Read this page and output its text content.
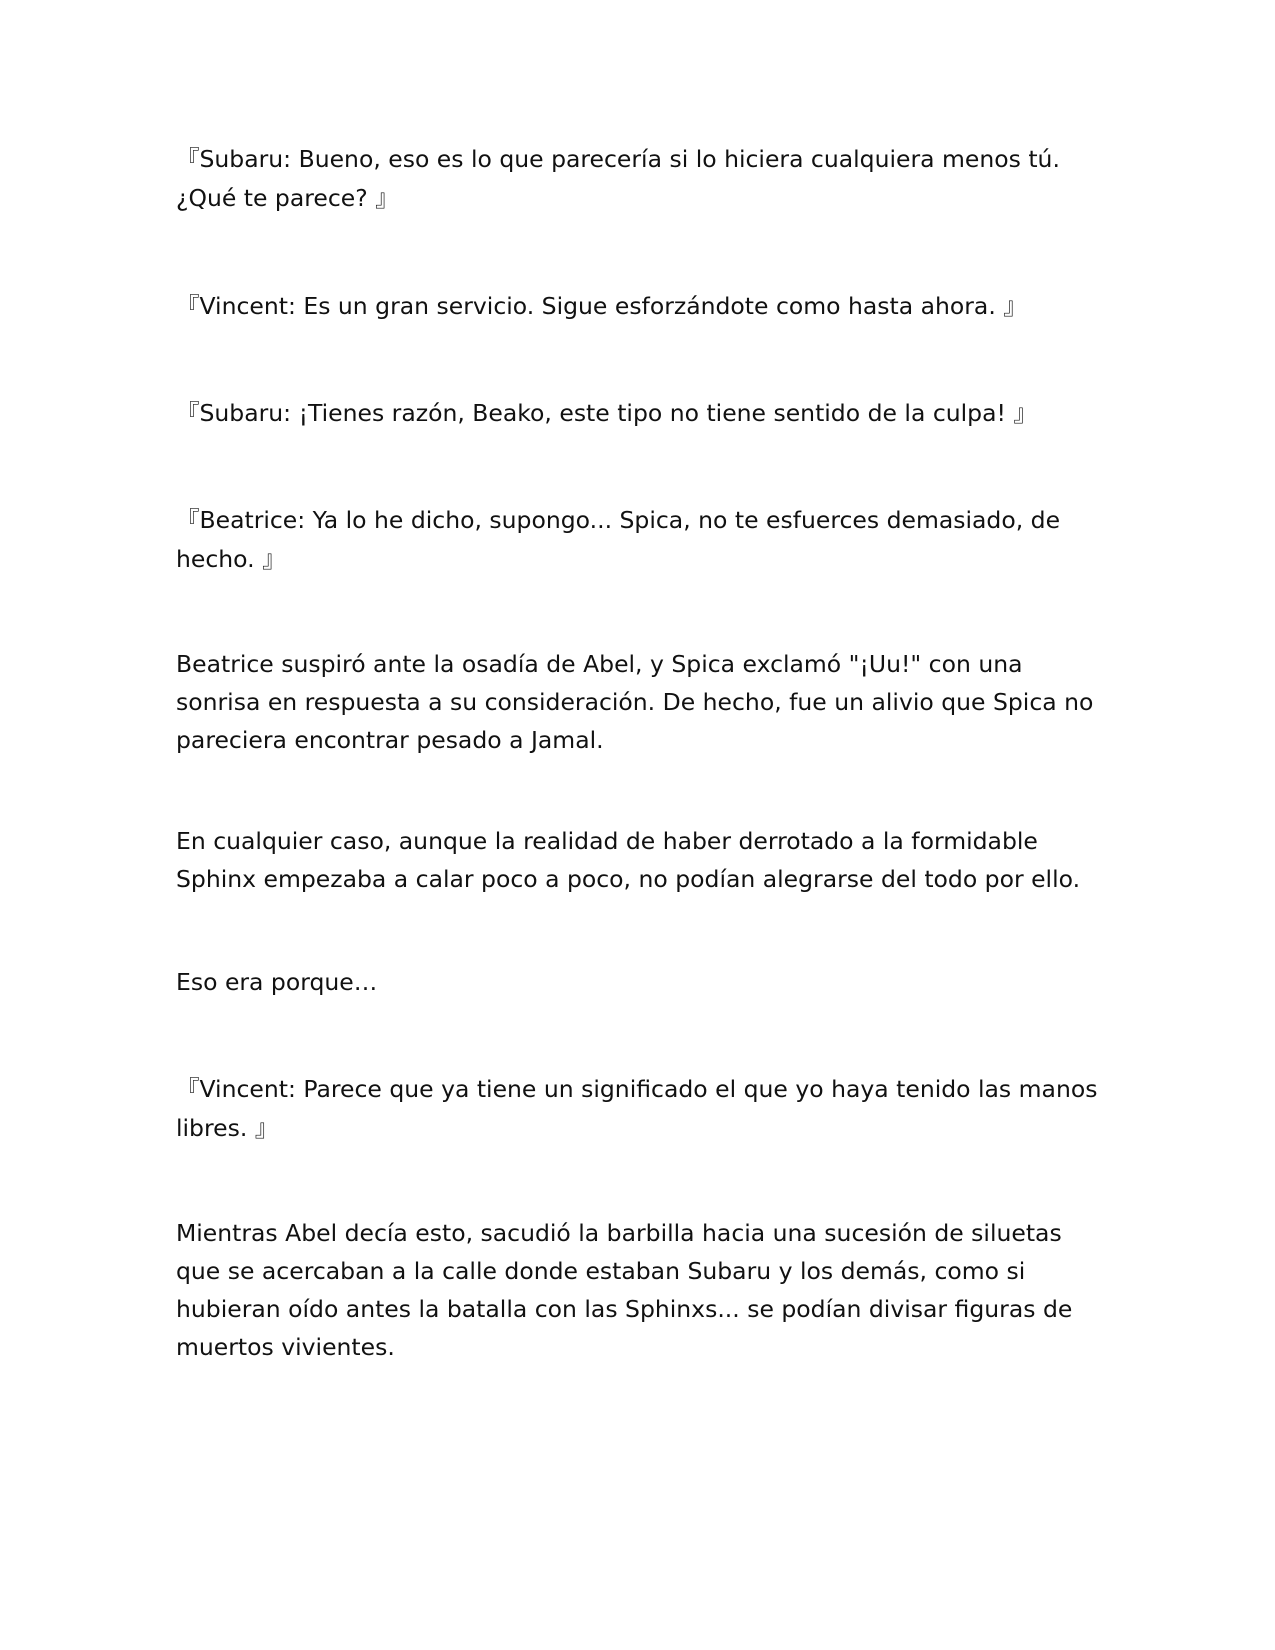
『Subaru: Bueno, eso es lo que parecería si lo hiciera cualquiera menos tú. ¿Qué te parece? 』

『Vincent: Es un gran servicio. Sigue esforzándote como hasta ahora. 』

『Subaru: ¡Tienes razón, Beako, este tipo no tiene sentido de la culpa! 』

『Beatrice: Ya lo he dicho, supongo... Spica, no te esfuerces demasiado, de hecho. 』

Beatrice suspiró ante la osadía de Abel, y Spica exclamó "¡Uu!" con una sonrisa en respuesta a su consideración. De hecho, fue un alivio que Spica no pareciera encontrar pesado a Jamal.

En cualquier caso, aunque la realidad de haber derrotado a la formidable Sphinx empezaba a calar poco a poco, no podían alegrarse del todo por ello.

Eso era porque…

『Vincent: Parece que ya tiene un significado el que yo haya tenido las manos libres. 』

Mientras Abel decía esto, sacudió la barbilla hacia una sucesión de siluetas que se acercaban a la calle donde estaban Subaru y los demás, como si hubieran oído antes la batalla con las Sphinxs... se podían divisar figuras de muertos vivientes.
